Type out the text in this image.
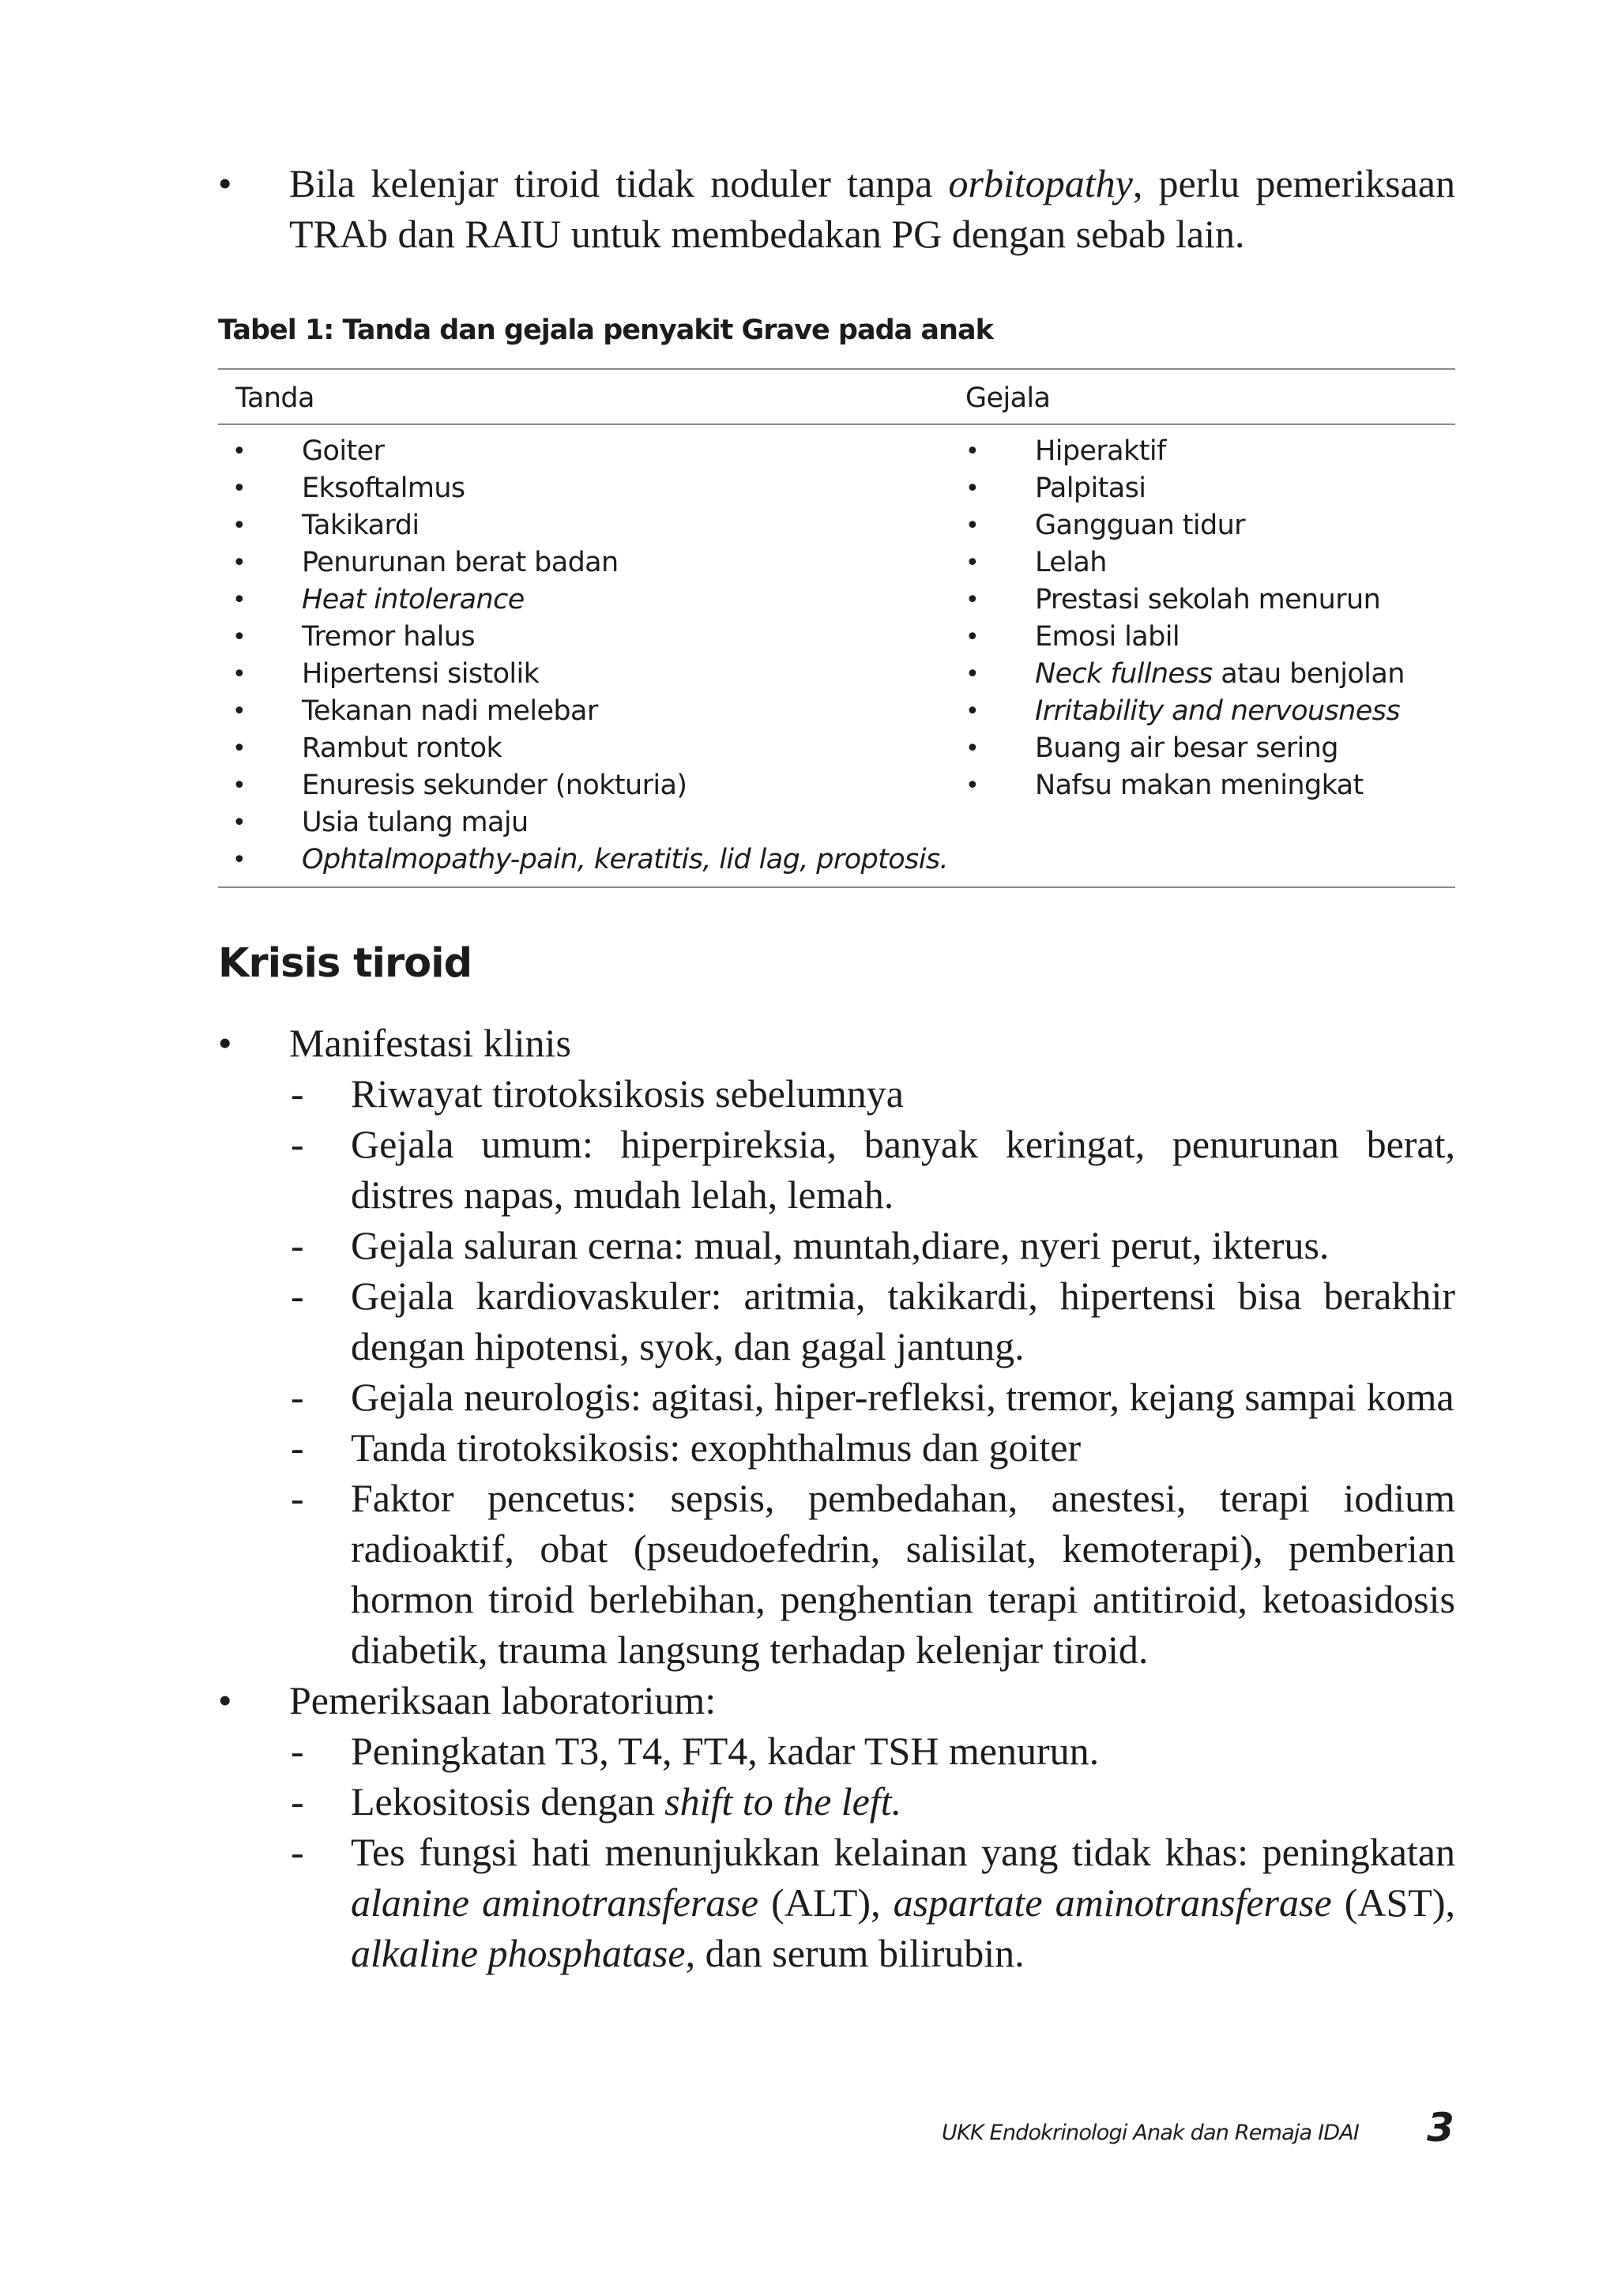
• Bila kelenjar tiroid tidak noduler tanpa orbitopathy, perlu pemeriksaan TRAb dan RAIU untuk membedakan PG dengan sebab lain.
Tabel 1: Tanda dan gejala penyakit Grave pada anak
Tanda	Gejala
• Goiter
• Eksoftalmus
• Takikardi
• Penurunan berat badan
• Heat intolerance
• Tremor halus
• Hipertensi sistolik
• Tekanan nadi melebar
• Rambut rontok
• Enuresis sekunder (nokturia)
• Usia tulang maju
• Ophtalmopathy-pain, keratitis, lid lag, proptosis.
• Hiperaktif
• Palpitasi
• Gangguan tidur
• Lelah
• Prestasi sekolah menurun
• Emosi labil
• Neck fullness atau benjolan
• Irritability and nervousness
• Buang air besar sering
• Nafsu makan meningkat
Krisis tiroid
• Manifestasi klinis
- Riwayat tirotoksikosis sebelumnya
- Gejala umum: hiperpireksia, banyak keringat, penurunan berat, distres napas, mudah lelah, lemah.
- Gejala saluran cerna: mual, muntah,diare, nyeri perut, ikterus.
- Gejala kardiovaskuler: aritmia, takikardi, hipertensi bisa berakhir dengan hipotensi, syok, dan gagal jantung.
- Gejala neurologis: agitasi, hiper-refleksi, tremor, kejang sampai koma
- Tanda tirotoksikosis: exophthalmus dan goiter
- Faktor pencetus: sepsis, pembedahan, anestesi, terapi iodium radioaktif, obat (pseudoefedrin, salisilat, kemoterapi), pemberian hormon tiroid berlebihan, penghentian terapi antitiroid, ketoasidosis diabetik, trauma langsung terhadap kelenjar tiroid.
• Pemeriksaan laboratorium:
- Peningkatan T3, T4, FT4, kadar TSH menurun.
- Lekositosis dengan shift to the left.
- Tes fungsi hati menunjukkan kelainan yang tidak khas: peningkatan alanine aminotransferase (ALT), aspartate aminotransferase (AST), alkaline phosphatase, dan serum bilirubin.
UKK Endokrinologi Anak dan Remaja IDAI 3
